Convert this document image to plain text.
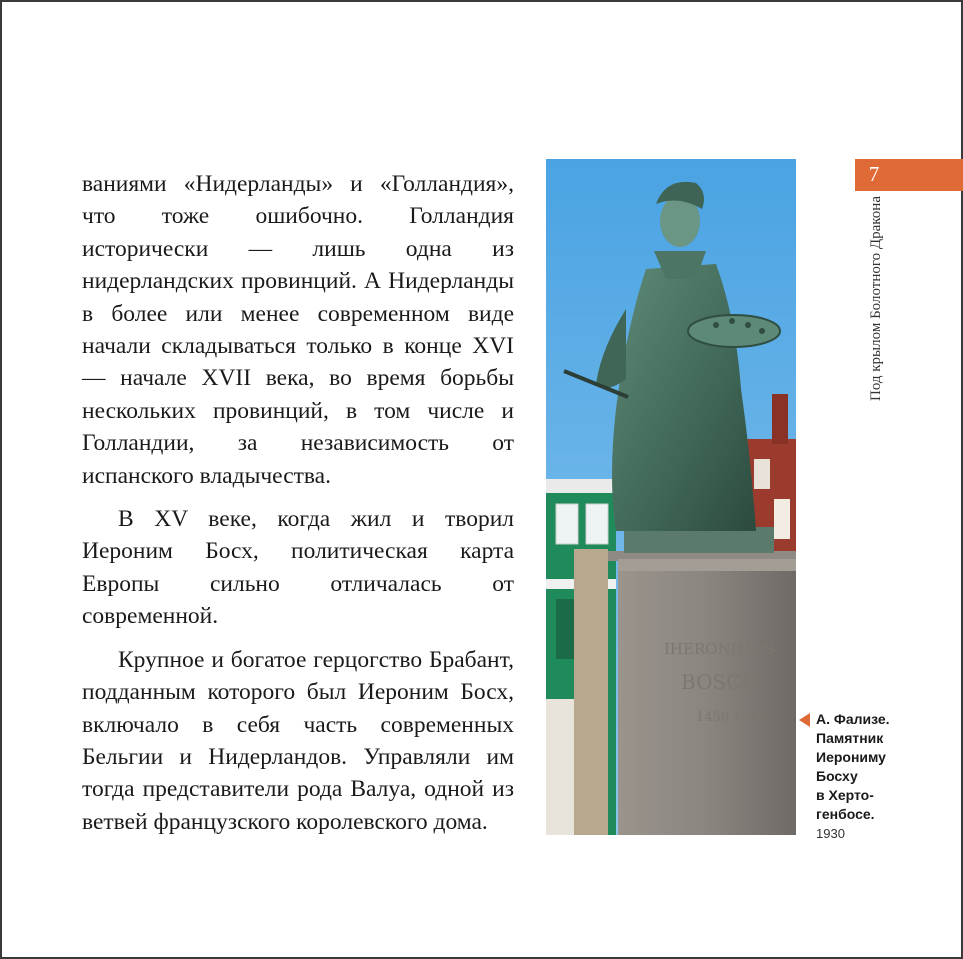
ваниями «Нидерланды» и «Голландия», что тоже ошибочно. Голландия исторически — лишь одна из нидерландских провинций. А Нидерланды в более или менее современном виде начали складываться только в конце XVI — начале XVII века, во время борьбы нескольких провинций, в том числе и Голландии, за независимость от испанского владычества.

В XV веке, когда жил и творил Иероним Босх, политическая карта Европы сильно отличалась от современной.

Крупное и богатое герцогство Брабант, подданным которого был Иероним Босх, включало в себя часть современных Бельгии и Нидерландов. Управляли им тогда представители рода Валуа, одной из ветвей французского королевского дома.

IHERONIMUS
BOSCH
1450 1516
7
Под крылом Болотного Дракона
А. Фализе.
Памятник
Иерониму
Босху
в Херто-
генбосе.
1930
